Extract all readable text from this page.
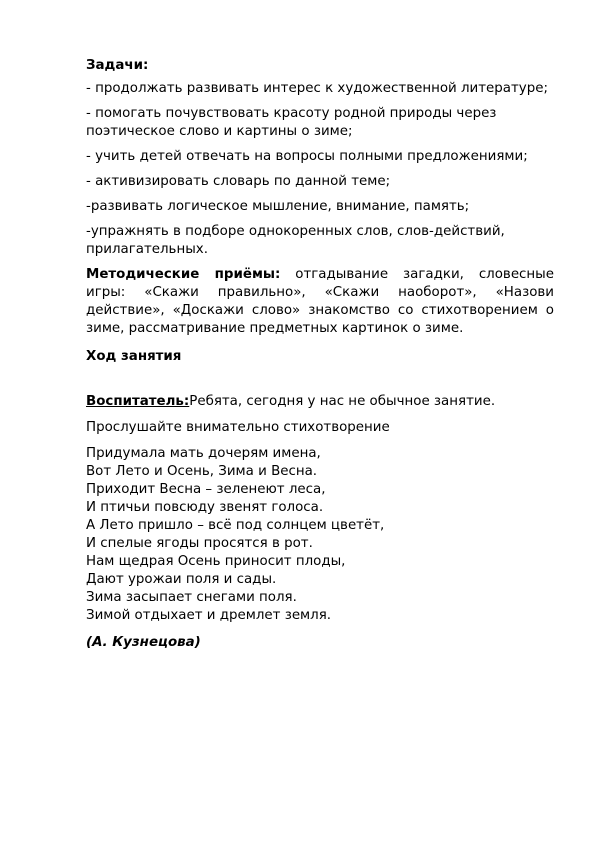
Задачи:

- продолжать развивать интерес к художественной литературе;

- помогать почувствовать красоту родной природы через поэтическое слово и картины о зиме;

- учить детей отвечать на вопросы полными предложениями;

- активизировать словарь по данной теме;

-развивать логическое мышление, внимание, память;

-упражнять в подборе однокоренных слов, слов-действий, прилагательных.

Методические приёмы: отгадывание загадки, словесные игры: «Скажи правильно», «Скажи наоборот», «Назови действие», «Доскажи слово» знакомство со стихотворением о зиме, рассматривание предметных картинок о зиме.

Ход занятия

Воспитатель:Ребята, сегодня у нас не обычное занятие.

Прослушайте внимательно стихотворение

Придумала мать дочерям имена,

Вот Лето и Осень, Зима и Весна.

Приходит Весна – зеленеют леса,

И птичьи повсюду звенят голоса.

А Лето пришло – всё под солнцем цветёт,

И спелые ягоды просятся в рот.

Нам щедрая Осень приносит плоды,

Дают урожаи поля и сады.

Зима засыпает снегами поля.

Зимой отдыхает и дремлет земля.

(А. Кузнецова)
